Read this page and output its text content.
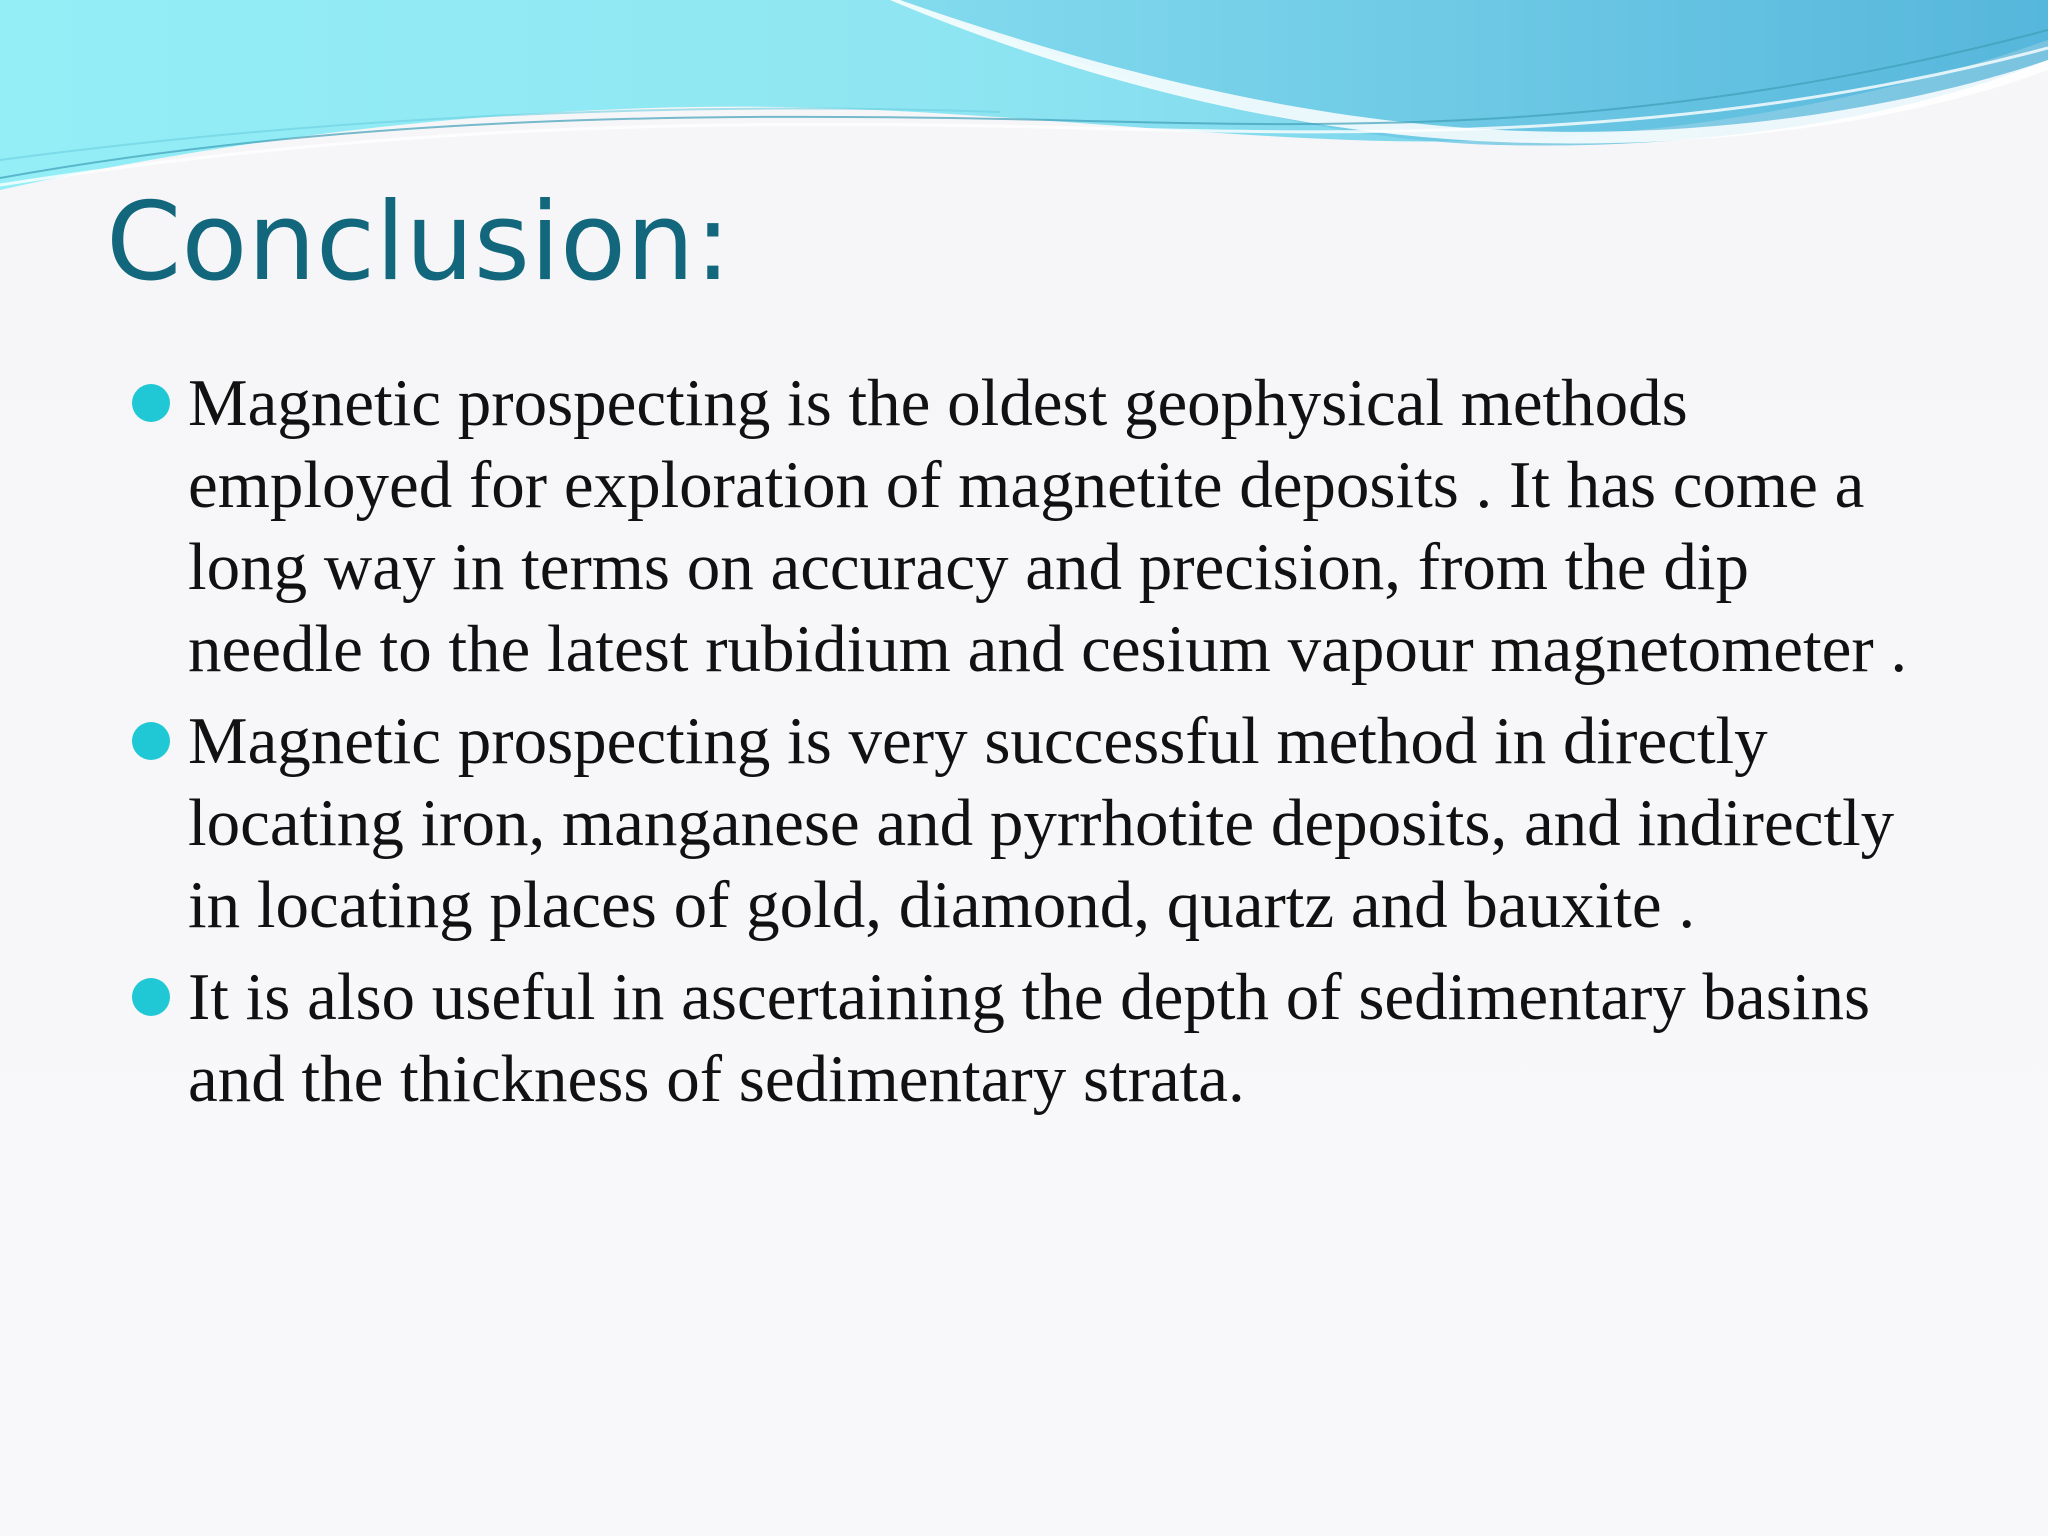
Conclusion:
Magnetic prospecting is the oldest geophysical methods employed for exploration of magnetite deposits . It has come a long way in terms on accuracy and precision, from the dip needle to the latest rubidium and cesium vapour magnetometer .
Magnetic prospecting is very successful method in directly locating iron, manganese and pyrrhotite deposits, and indirectly in locating places of gold, diamond, quartz and bauxite .
It is also useful in ascertaining the depth of sedimentary basins and the thickness of sedimentary strata.
